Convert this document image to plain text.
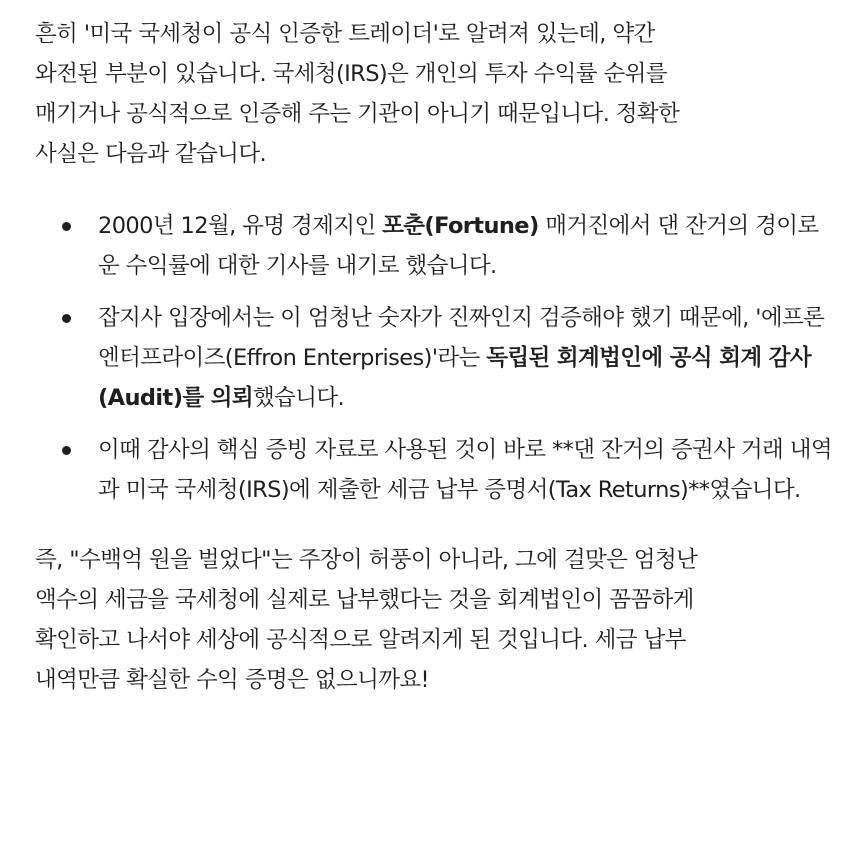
흔히 '미국 국세청이 공식 인증한 트레이더'로 알려져 있는데, 약간
와전된 부분이 있습니다. 국세청(IRS)은 개인의 투자 수익률 순위를
매기거나 공식적으로 인증해 주는 기관이 아니기 때문입니다. 정확한
사실은 다음과 같습니다.

2000년 12월, 유명 경제지인 포춘(Fortune) 매거진에서 댄 잔거의 경이로운 수익률에 대한 기사를 내기로 했습니다.
잡지사 입장에서는 이 엄청난 숫자가 진짜인지 검증해야 했기 때문에, '에프론 엔터프라이즈(Effron Enterprises)'라는 독립된 회계법인에 공식 회계 감사(Audit)를 의뢰했습니다.
이때 감사의 핵심 증빙 자료로 사용된 것이 바로 **댄 잔거의 증권사 거래 내역과 미국 국세청(IRS)에 제출한 세금 납부 증명서(Tax Returns)**였습니다.

즉, "수백억 원을 벌었다"는 주장이 허풍이 아니라, 그에 걸맞은 엄청난
액수의 세금을 국세청에 실제로 납부했다는 것을 회계법인이 꼼꼼하게
확인하고 나서야 세상에 공식적으로 알려지게 된 것입니다. 세금 납부
내역만큼 확실한 수익 증명은 없으니까요!
